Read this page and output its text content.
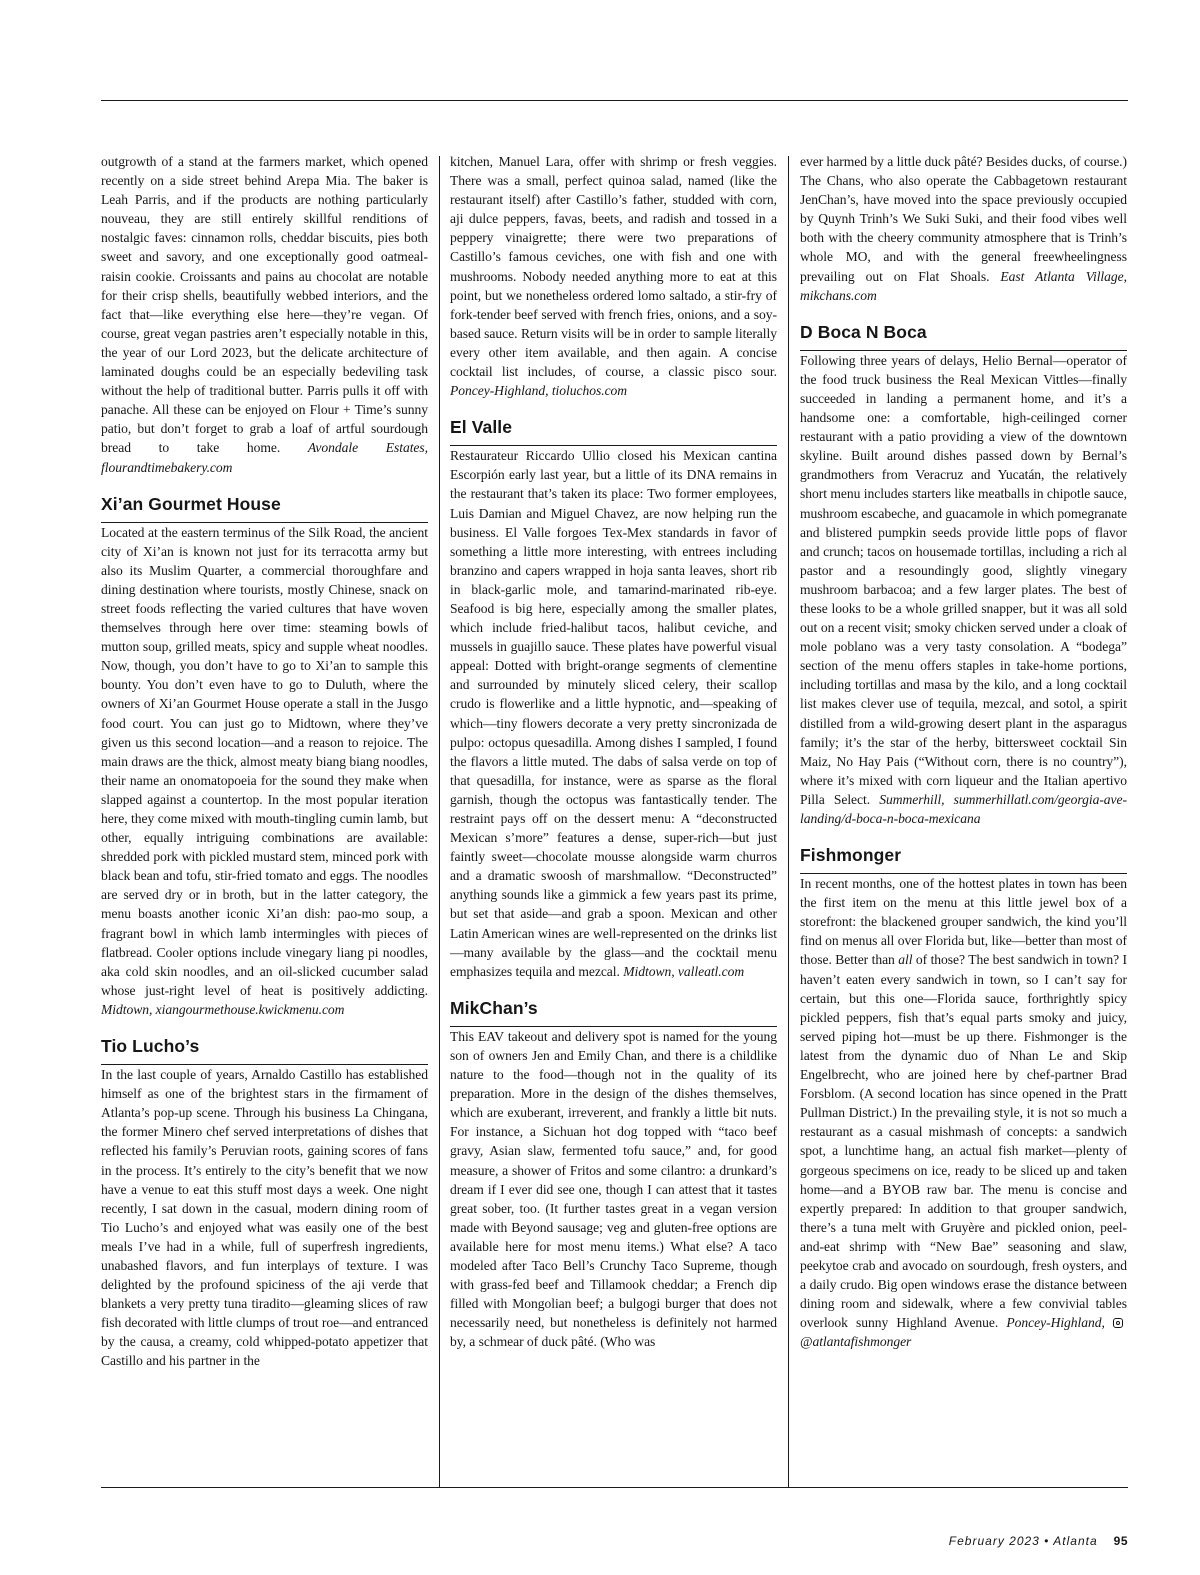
outgrowth of a stand at the farmers market, which opened recently on a side street behind Arepa Mia. The baker is Leah Parris, and if the products are nothing particularly nouveau, they are still entirely skillful renditions of nostalgic faves: cinnamon rolls, cheddar biscuits, pies both sweet and savory, and one exceptionally good oatmeal-raisin cookie. Croissants and pains au chocolat are notable for their crisp shells, beautifully webbed interiors, and the fact that—like everything else here—they’re vegan. Of course, great vegan pastries aren’t especially notable in this, the year of our Lord 2023, but the delicate architecture of laminated doughs could be an especially bedeviling task without the help of traditional butter. Parris pulls it off with panache. All these can be enjoyed on Flour + Time’s sunny patio, but don’t forget to grab a loaf of artful sourdough bread to take home. Avondale Estates, flourandtimebakery.com

Xi’an Gourmet House

Located at the eastern terminus of the Silk Road, the ancient city of Xi’an is known not just for its terracotta army but also its Muslim Quarter, a commercial thoroughfare and dining destination where tourists, mostly Chinese, snack on street foods reflecting the varied cultures that have woven themselves through here over time: steaming bowls of mutton soup, grilled meats, spicy and supple wheat noodles. Now, though, you don’t have to go to Xi’an to sample this bounty. You don’t even have to go to Duluth, where the owners of Xi’an Gourmet House operate a stall in the Jusgo food court. You can just go to Midtown, where they’ve given us this second location—and a reason to rejoice. The main draws are the thick, almost meaty biang biang noodles, their name an onomatopoeia for the sound they make when slapped against a countertop. In the most popular iteration here, they come mixed with mouth-tingling cumin lamb, but other, equally intriguing combinations are available: shredded pork with pickled mustard stem, minced pork with black bean and tofu, stir-fried tomato and eggs. The noodles are served dry or in broth, but in the latter category, the menu boasts another iconic Xi’an dish: pao-mo soup, a fragrant bowl in which lamb intermingles with pieces of flatbread. Cooler options include vinegary liang pi noodles, aka cold skin noodles, and an oil-slicked cucumber salad whose just-right level of heat is positively addicting. Midtown, xiangourmethouse.kwickmenu.com

Tio Lucho’s

In the last couple of years, Arnaldo Castillo has established himself as one of the brightest stars in the firmament of Atlanta’s pop-up scene. Through his business La Chingana, the former Minero chef served interpretations of dishes that reflected his family’s Peruvian roots, gaining scores of fans in the process. It’s entirely to the city’s benefit that we now have a venue to eat this stuff most days a week. One night recently, I sat down in the casual, modern dining room of Tio Lucho’s and enjoyed what was easily one of the best meals I’ve had in a while, full of superfresh ingredients, unabashed flavors, and fun interplays of texture. I was delighted by the profound spiciness of the aji verde that blankets a very pretty tuna tiradito—gleaming slices of raw fish decorated with little clumps of trout roe—and entranced by the causa, a creamy, cold whipped-potato appetizer that Castillo and his partner in the

kitchen, Manuel Lara, offer with shrimp or fresh veggies. There was a small, perfect quinoa salad, named (like the restaurant itself) after Castillo’s father, studded with corn, aji dulce peppers, favas, beets, and radish and tossed in a peppery vinaigrette; there were two preparations of Castillo’s famous ceviches, one with fish and one with mushrooms. Nobody needed anything more to eat at this point, but we nonetheless ordered lomo saltado, a stir-fry of fork-tender beef served with french fries, onions, and a soy-based sauce. Return visits will be in order to sample literally every other item available, and then again. A concise cocktail list includes, of course, a classic pisco sour. Poncey-Highland, tioluchos.com

El Valle

Restaurateur Riccardo Ullio closed his Mexican cantina Escorpión early last year, but a little of its DNA remains in the restaurant that’s taken its place: Two former employees, Luis Damian and Miguel Chavez, are now helping run the business. El Valle forgoes Tex-Mex standards in favor of something a little more interesting, with entrees including branzino and capers wrapped in hoja santa leaves, short rib in black-garlic mole, and tamarind-marinated rib-eye. Seafood is big here, especially among the smaller plates, which include fried-halibut tacos, halibut ceviche, and mussels in guajillo sauce. These plates have powerful visual appeal: Dotted with bright-orange segments of clementine and surrounded by minutely sliced celery, their scallop crudo is flowerlike and a little hypnotic, and—speaking of which—tiny flowers decorate a very pretty sincronizada de pulpo: octopus quesadilla. Among dishes I sampled, I found the flavors a little muted. The dabs of salsa verde on top of that quesadilla, for instance, were as sparse as the floral garnish, though the octopus was fantastically tender. The restraint pays off on the dessert menu: A “deconstructed Mexican s’more” features a dense, super-rich—but just faintly sweet—chocolate mousse alongside warm churros and a dramatic swoosh of marshmallow. “Deconstructed” anything sounds like a gimmick a few years past its prime, but set that aside—and grab a spoon. Mexican and other Latin American wines are well-represented on the drinks list—many available by the glass—and the cocktail menu emphasizes tequila and mezcal. Midtown, valleatl.com

MikChan’s

This EAV takeout and delivery spot is named for the young son of owners Jen and Emily Chan, and there is a childlike nature to the food—though not in the quality of its preparation. More in the design of the dishes themselves, which are exuberant, irreverent, and frankly a little bit nuts. For instance, a Sichuan hot dog topped with “taco beef gravy, Asian slaw, fermented tofu sauce,” and, for good measure, a shower of Fritos and some cilantro: a drunkard’s dream if I ever did see one, though I can attest that it tastes great sober, too. (It further tastes great in a vegan version made with Beyond sausage; veg and gluten-free options are available here for most menu items.) What else? A taco modeled after Taco Bell’s Crunchy Taco Supreme, though with grass-fed beef and Tillamook cheddar; a French dip filled with Mongolian beef; a bulgogi burger that does not necessarily need, but nonetheless is definitely not harmed by, a schmear of duck pâté. (Who was

ever harmed by a little duck pâté? Besides ducks, of course.) The Chans, who also operate the Cabbagetown restaurant JenChan’s, have moved into the space previously occupied by Quynh Trinh’s We Suki Suki, and their food vibes well both with the cheery community atmosphere that is Trinh’s whole MO, and with the general freewheelingness prevailing out on Flat Shoals. East Atlanta Village, mikchans.com

D Boca N Boca

Following three years of delays, Helio Bernal—operator of the food truck business the Real Mexican Vittles—finally succeeded in landing a permanent home, and it’s a handsome one: a comfortable, high-ceilinged corner restaurant with a patio providing a view of the downtown skyline. Built around dishes passed down by Bernal’s grandmothers from Veracruz and Yucatán, the relatively short menu includes starters like meatballs in chipotle sauce, mushroom escabeche, and guacamole in which pomegranate and blistered pumpkin seeds provide little pops of flavor and crunch; tacos on housemade tortillas, including a rich al pastor and a resoundingly good, slightly vinegary mushroom barbacoa; and a few larger plates. The best of these looks to be a whole grilled snapper, but it was all sold out on a recent visit; smoky chicken served under a cloak of mole poblano was a very tasty consolation. A “bodega” section of the menu offers staples in take-home portions, including tortillas and masa by the kilo, and a long cocktail list makes clever use of tequila, mezcal, and sotol, a spirit distilled from a wild-growing desert plant in the asparagus family; it’s the star of the herby, bittersweet cocktail Sin Maiz, No Hay Pais (“Without corn, there is no country”), where it’s mixed with corn liqueur and the Italian apertivo Pilla Select. Summerhill, summerhillatl.com/georgia-ave-landing/d-boca-n-boca-mexicana

Fishmonger

In recent months, one of the hottest plates in town has been the first item on the menu at this little jewel box of a storefront: the blackened grouper sandwich, the kind you’ll find on menus all over Florida but, like—better than most of those. Better than all of those? The best sandwich in town? I haven’t eaten every sandwich in town, so I can’t say for certain, but this one—Florida sauce, forthrightly spicy pickled peppers, fish that’s equal parts smoky and juicy, served piping hot—must be up there. Fishmonger is the latest from the dynamic duo of Nhan Le and Skip Engelbrecht, who are joined here by chef-partner Brad Forsblom. (A second location has since opened in the Pratt Pullman District.) In the prevailing style, it is not so much a restaurant as a casual mishmash of concepts: a sandwich spot, a lunchtime hang, an actual fish market—plenty of gorgeous specimens on ice, ready to be sliced up and taken home—and a BYOB raw bar. The menu is concise and expertly prepared: In addition to that grouper sandwich, there’s a tuna melt with Gruyère and pickled onion, peel-and-eat shrimp with “New Bae” seasoning and slaw, peekytoe crab and avocado on sourdough, fresh oysters, and a daily crudo. Big open windows erase the distance between dining room and sidewalk, where a few convivial tables overlook sunny Highland Avenue. Poncey-Highland, @atlantafishmonger

February 2023 • Atlanta 95
